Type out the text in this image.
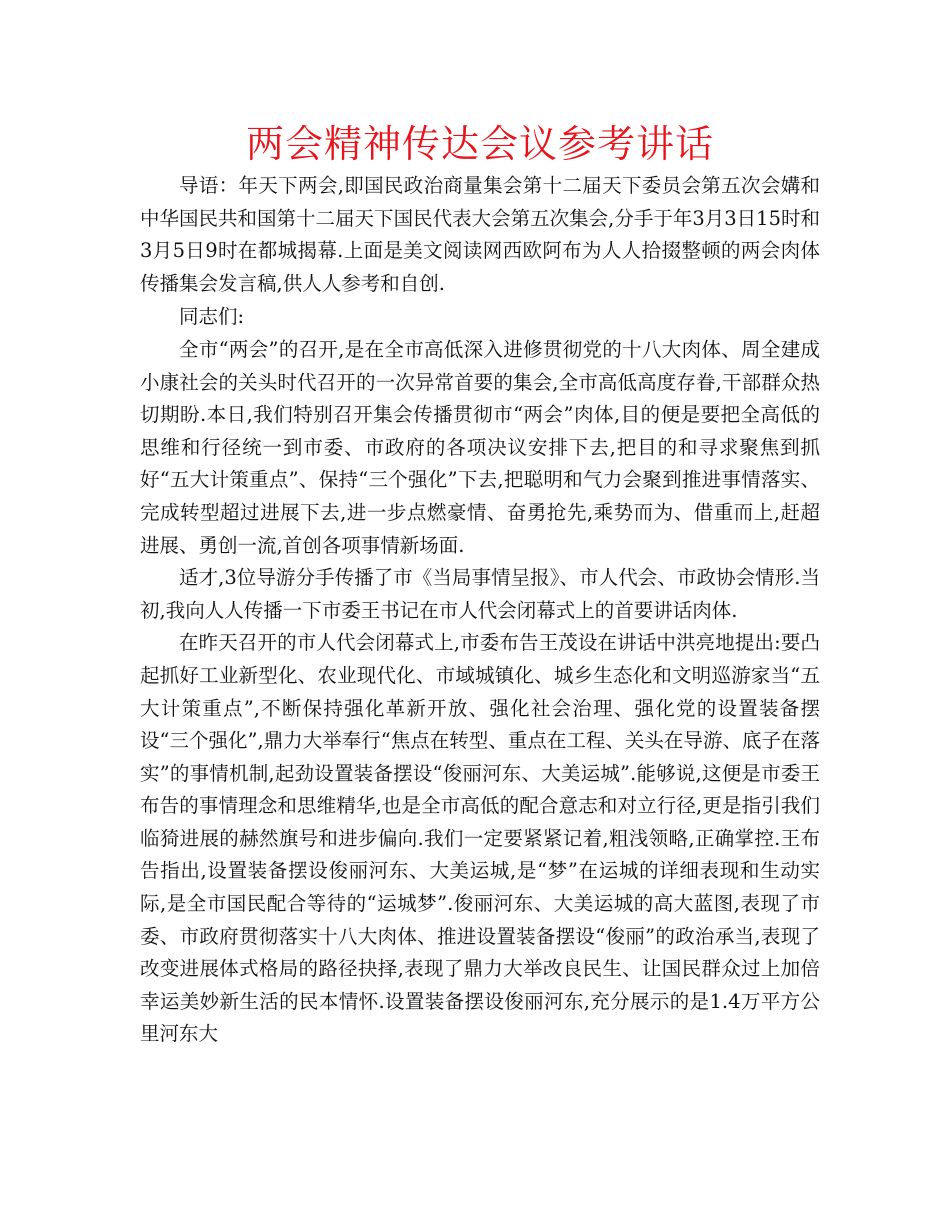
两会精神传达会议参考讲话

导语：年天下两会,即国民政治商量集会第十二届天下委员会第五次会媾和中华国民共和国第十二届天下国民代表大会第五次集会,分手于年3月3日15时和3月5日9时在都城揭幕.上面是美文阅读网西欧阿布为人人拾掇整顿的两会肉体传播集会发言稿,供人人参考和自创.

同志们:

全市“两会”的召开,是在全市高低深入进修贯彻党的十八大肉体、周全建成小康社会的关头时代召开的一次异常首要的集会,全市高低高度存眷,干部群众热切期盼.本日,我们特别召开集会传播贯彻市“两会”肉体,目的便是要把全高低的思维和行径统一到市委、市政府的各项决议安排下去,把目的和寻求聚焦到抓好“五大计策重点”、保持“三个强化”下去,把聪明和气力会聚到推进事情落实、完成转型超过进展下去,进一步点燃豪情、奋勇抢先,乘势而为、借重而上,赶超进展、勇创一流,首创各项事情新场面.

适才,3位导游分手传播了市《当局事情呈报》、市人代会、市政协会情形.当初,我向人人传播一下市委王书记在市人代会闭幕式上的首要讲话肉体.

在昨天召开的市人代会闭幕式上,市委布告王茂设在讲话中洪亮地提出:要凸起抓好工业新型化、农业现代化、市域城镇化、城乡生态化和文明巡游家当“五大计策重点”,不断保持强化革新开放、强化社会治理、强化党的设置装备摆设“三个强化”,鼎力大举奉行“焦点在转型、重点在工程、关头在导游、底子在落实”的事情机制,起劲设置装备摆设“俊丽河东、大美运城”.能够说,这便是市委王布告的事情理念和思维精华,也是全市高低的配合意志和对立行径,更是指引我们临猗进展的赫然旗号和进步偏向.我们一定要紧紧记着,粗浅领略,正确掌控.王布告指出,设置装备摆设俊丽河东、大美运城,是“梦”在运城的详细表现和生动实际,是全市国民配合等待的“运城梦”.俊丽河东、大美运城的高大蓝图,表现了市委、市政府贯彻落实十八大肉体、推进设置装备摆设“俊丽”的政治承当,表现了改变进展体式格局的路径抉择,表现了鼎力大举改良民生、让国民群众过上加倍幸运美妙新生活的民本情怀.设置装备摆设俊丽河东,充分展示的是1.4万平方公里河东大
